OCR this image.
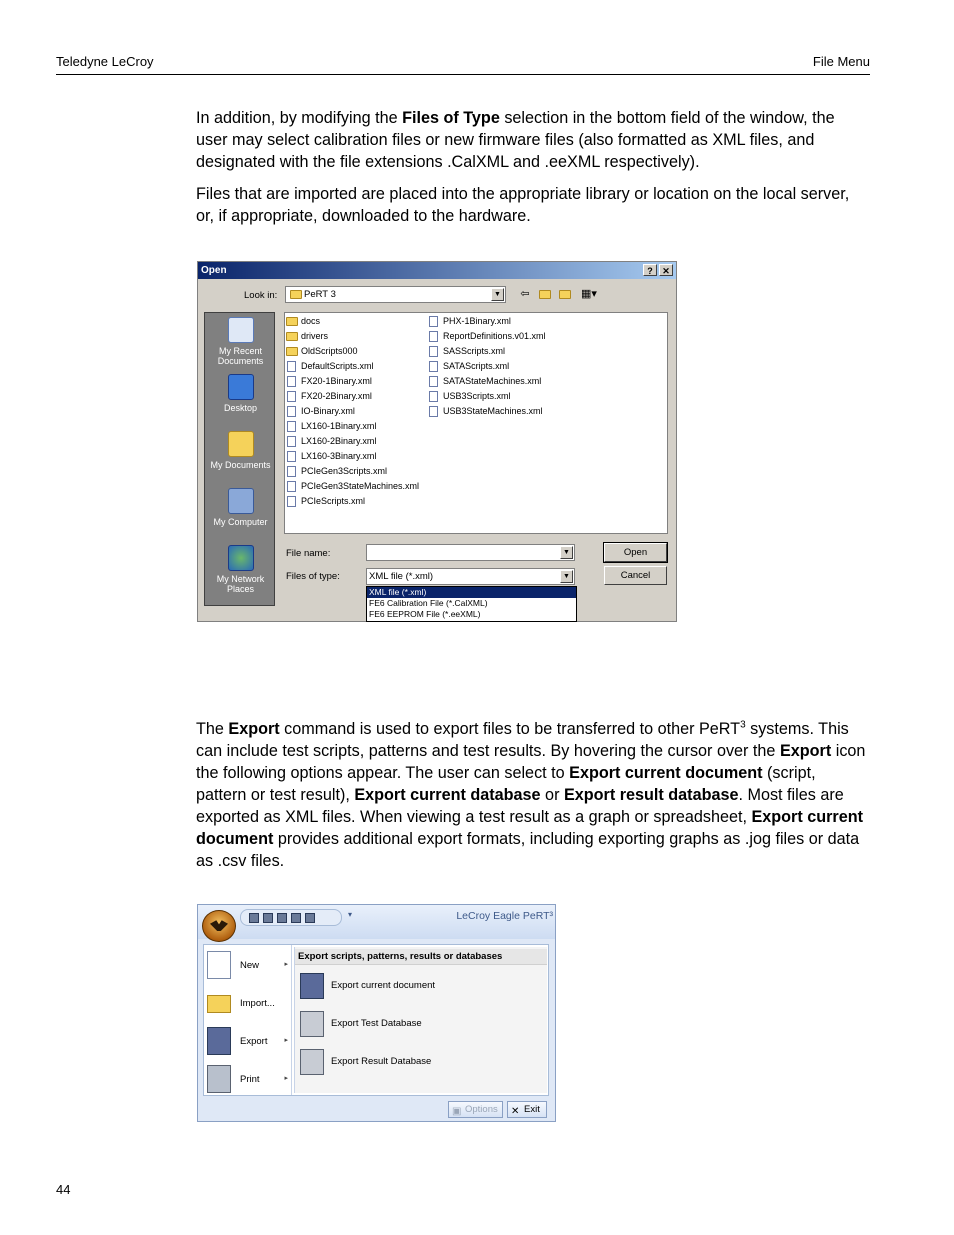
Teledyne LeCroy	File Menu

In addition, by modifying the Files of Type selection in the bottom field of the window, the user may select calibration files or new firmware files (also formatted as XML files, and designated with the file extensions .CalXML and .eeXML respectively).

Files that are imported are placed into the appropriate library or location on the local server, or, if appropriate, downloaded to the hardware.

Open	?	✕
Look in:	PeRT 3	▼ ⇦	▦▾
My Recent Documents
Desktop
My Documents
My Computer
My Network Places
docs
drivers
OldScripts000
DefaultScripts.xml
FX20-1Binary.xml
FX20-2Binary.xml
IO-Binary.xml
LX160-1Binary.xml
LX160-2Binary.xml
LX160-3Binary.xml
PCIeGen3Scripts.xml
PCIeGen3StateMachines.xml
PCIeScripts.xml
PHX-1Binary.xml
ReportDefinitions.v01.xml
SASScripts.xml
SATAScripts.xml
SATAStateMachines.xml
USB3Scripts.xml
USB3StateMachines.xml
File name:	▼
Files of type:	XML file (*.xml)	▼
XML file (*.xml)
FE6 Calibration File (*.CalXML)
FE6 EEPROM File (*.eeXML)
Open
Cancel

The Export command is used to export files to be transferred to other PeRT$^3$ systems. This can include test scripts, patterns and test results. By hovering the cursor over the Export icon the following options appear. The user can select to Export current document (script, pattern or test result), Export current database or Export result database. Most files are exported as XML files. When viewing a test result as a graph or spreadsheet, Export current document provides additional export formats, including exporting graphs as .jog files or data as .csv files.

▾	LeCroy Eagle PeRT³
New	▸
Import...
Export ▸
Print	▸
Export scripts, patterns, results or databases
Export current document
Export Test Database
Export Result Database
▣ Options	✕ Exit
44
